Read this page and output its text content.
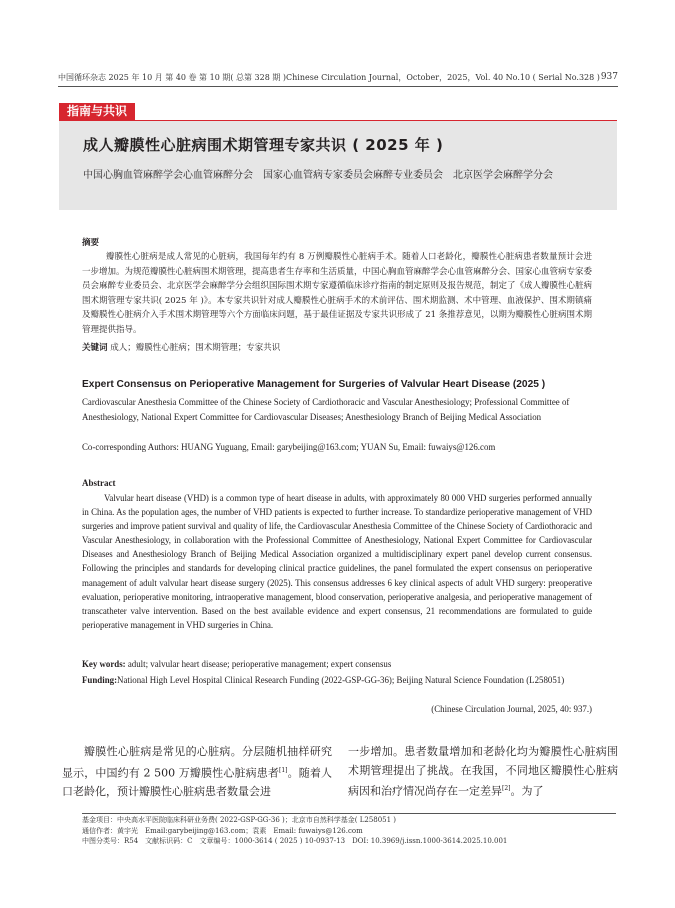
中国循环杂志 2025 年 10 月 第 40 卷 第 10 期( 总第 328 期 )Chinese Circulation Journal，October，2025，Vol. 40 No.10 ( Serial No.328 ) 937
指南与共识
成人瓣膜性心脏病围术期管理专家共识 ( 2025 年 )
中国心胸血管麻醉学会心血管麻醉分会　国家心血管病专家委员会麻醉专业委员会　北京医学会麻醉学分会
摘要

瓣膜性心脏病是成人常见的心脏病，我国每年约有 8 万例瓣膜性心脏病手术。随着人口老龄化，瓣膜性心脏病患者数量预计会进一步增加。为规范瓣膜性心脏病围术期管理，提高患者生存率和生活质量，中国心胸血管麻醉学会心血管麻醉分会、国家心血管病专家委员会麻醉专业委员会、北京医学会麻醉学分会组织国际围术期专家遵循临床诊疗指南的制定原则及报告规范，制定了《成人瓣膜性心脏病围术期管理专家共识( 2025 年 )》。本专家共识针对成人瓣膜性心脏病手术的术前评估、围术期监测、术中管理、血液保护、围术期镇痛及瓣膜性心脏病介入手术围术期管理等六个方面临床问题，基于最佳证据及专家共识形成了 21 条推荐意见，以期为瓣膜性心脏病围术期管理提供指导。

关键词 成人；瓣膜性心脏病；围术期管理；专家共识
Expert Consensus on Perioperative Management for Surgeries of Valvular Heart Disease (2025 )
Cardiovascular Anesthesia Committee of the Chinese Society of Cardiothoracic and Vascular Anesthesiology; Professional Committee of Anesthesiology, National Expert Committee for Cardiovascular Diseases; Anesthesiology Branch of Beijing Medical Association
Co-corresponding Authors: HUANG Yuguang, Email: garybeijing@163.com; YUAN Su, Email: fuwaiys@126.com
Abstract

Valvular heart disease (VHD) is a common type of heart disease in adults, with approximately 80 000 VHD surgeries performed annually in China. As the population ages, the number of VHD patients is expected to further increase. To standardize perioperative management of VHD surgeries and improve patient survival and quality of life, the Cardiovascular Anesthesia Committee of the Chinese Society of Cardiothoracic and Vascular Anesthesiology, in collaboration with the Professional Committee of Anesthesiology, National Expert Committee for Cardiovascular Diseases and Anesthesiology Branch of Beijing Medical Association organized a multidisciplinary expert panel develop current consensus. Following the principles and standards for developing clinical practice guidelines, the panel formulated the expert consensus on perioperative management of adult valvular heart disease surgery (2025). This consensus addresses 6 key clinical aspects of adult VHD surgery: preoperative evaluation, perioperative monitoring, intraoperative management, blood conservation, perioperative analgesia, and perioperative management of transcatheter valve intervention. Based on the best available evidence and expert consensus, 21 recommendations are formulated to guide perioperative management in VHD surgeries in China.

Key words: adult; valvular heart disease; perioperative management; expert consensus
Funding:National High Level Hospital Clinical Research Funding (2022-GSP-GG-36); Beijing Natural Science Foundation (L258051)
(Chinese Circulation Journal, 2025, 40: 937.)

瓣膜性心脏病是常见的心脏病。分层随机抽样研究显示，中国约有 2 500 万瓣膜性心脏病患者[1]。随着人口老龄化，预计瓣膜性心脏病患者数量会进

一步增加。患者数量增加和老龄化均为瓣膜性心脏病围术期管理提出了挑战。在我国，不同地区瓣膜性心脏病病因和治疗情况尚存在一定差异[2]。为了

基金项目：中央高水平医院临床科研业务费( 2022-GSP-GG-36 )；北京市自然科学基金( L258051 )
通信作者：黄宇光　Email:garybeijing@163.com；袁素　Email: fuwaiys@126.com
中图分类号：R54　文献标识码：C　文章编号：1000-3614 ( 2025 ) 10-0937-13　DOI: 10.3969/j.issn.1000-3614.2025.10.001
